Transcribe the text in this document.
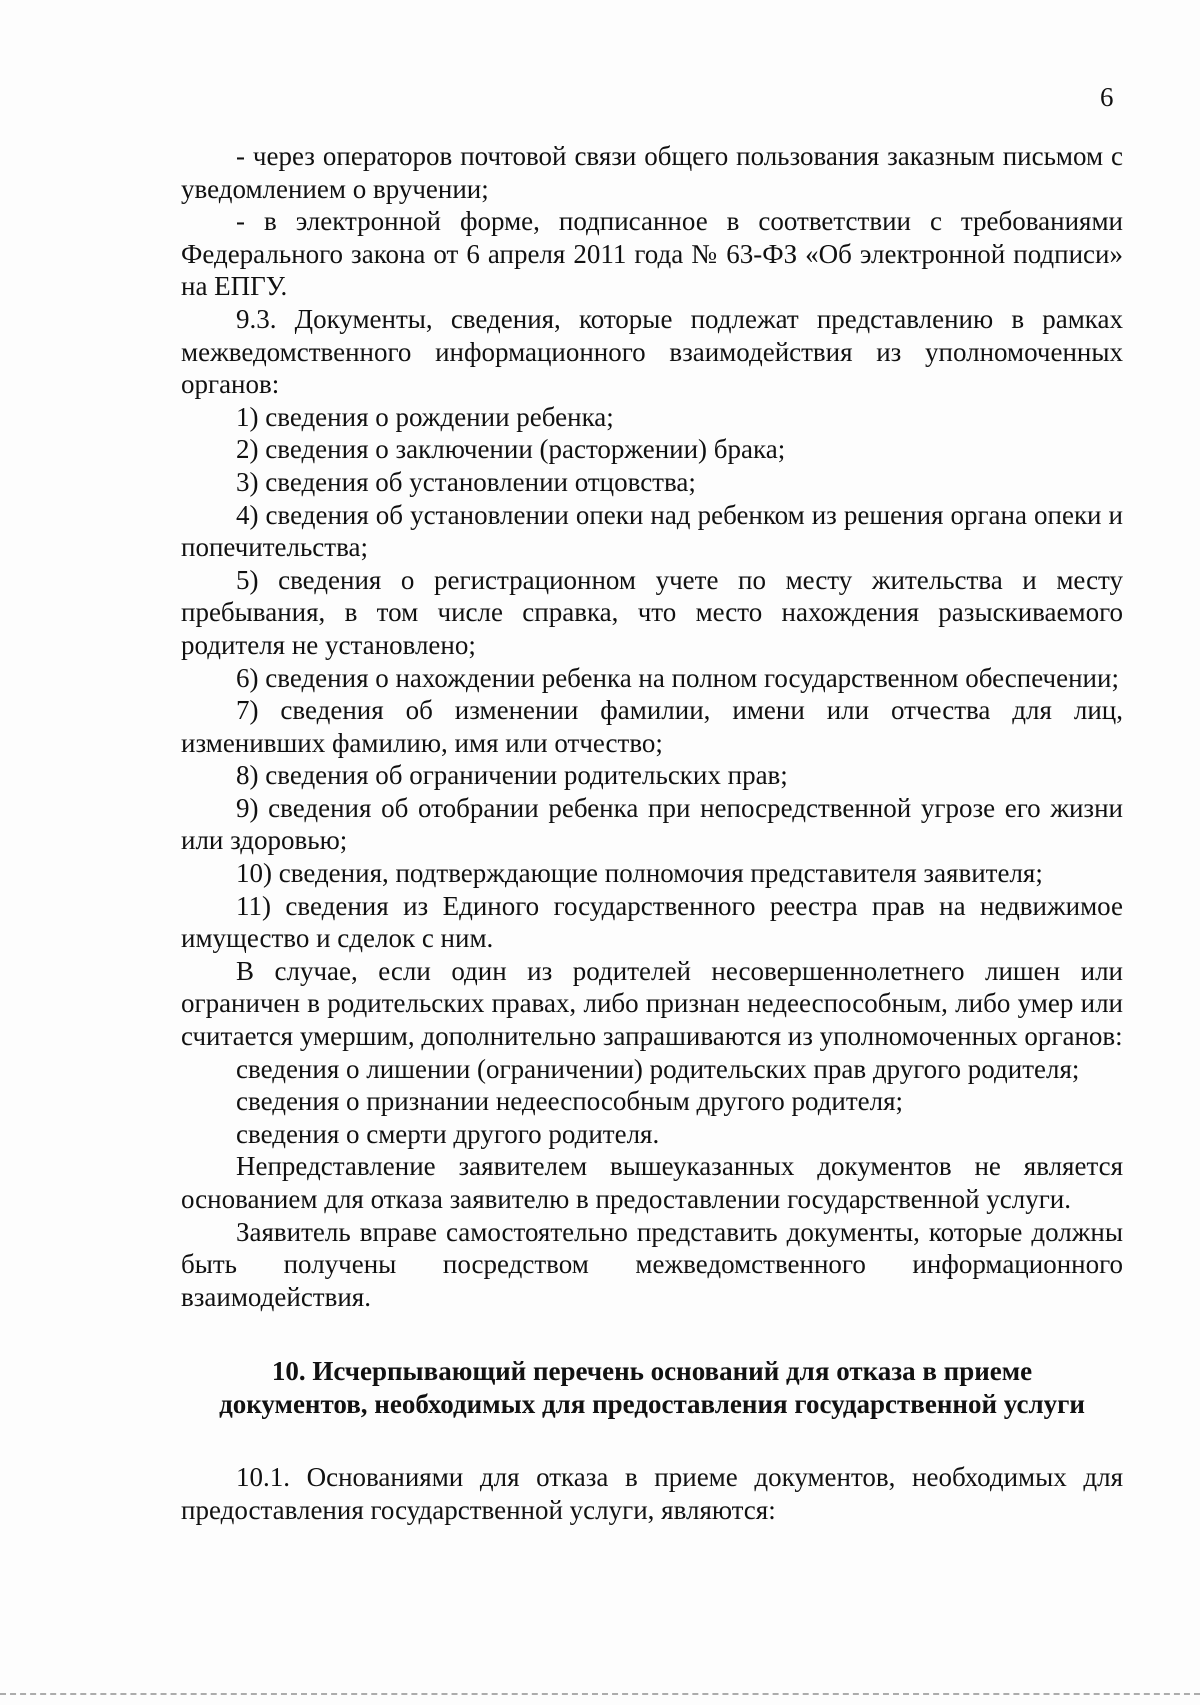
6

- через операторов почтовой связи общего пользования заказным письмом с уведомлением о вручении;

- в электронной форме, подписанное в соответствии с требованиями Федерального закона от 6 апреля 2011 года № 63-ФЗ «Об электронной подписи» на ЕПГУ.

9.3. Документы, сведения, которые подлежат представлению в рамках межведомственного информационного взаимодействия из уполномоченных органов:

1) сведения о рождении ребенка;

2) сведения о заключении (расторжении) брака;

3) сведения об установлении отцовства;

4) сведения об установлении опеки над ребенком из решения органа опеки и попечительства;

5) сведения о регистрационном учете по месту жительства и месту пребывания, в том числе справка, что место нахождения разыскиваемого родителя не установлено;

6) сведения о нахождении ребенка на полном государственном обеспечении;

7) сведения об изменении фамилии, имени или отчества для лиц, изменивших фамилию, имя или отчество;

8) сведения об ограничении родительских прав;

9) сведения об отобрании ребенка при непосредственной угрозе его жизни или здоровью;

10) сведения, подтверждающие полномочия представителя заявителя;

11) сведения из Единого государственного реестра прав на недвижимое имущество и сделок с ним.

В случае, если один из родителей несовершеннолетнего лишен или ограничен в родительских правах, либо признан недееспособным, либо умер или считается умершим, дополнительно запрашиваются из уполномоченных органов:

сведения о лишении (ограничении) родительских прав другого родителя;

сведения о признании недееспособным другого родителя;

сведения о смерти другого родителя.

Непредставление заявителем вышеуказанных документов не является основанием для отказа заявителю в предоставлении государственной услуги.

Заявитель вправе самостоятельно представить документы, которые должны быть получены посредством межведомственного информационного взаимодействия.

10. Исчерпывающий перечень оснований для отказа в приеме
документов, необходимых для предоставления государственной услуги

10.1. Основаниями для отказа в приеме документов, необходимых для предоставления государственной услуги, являются:
